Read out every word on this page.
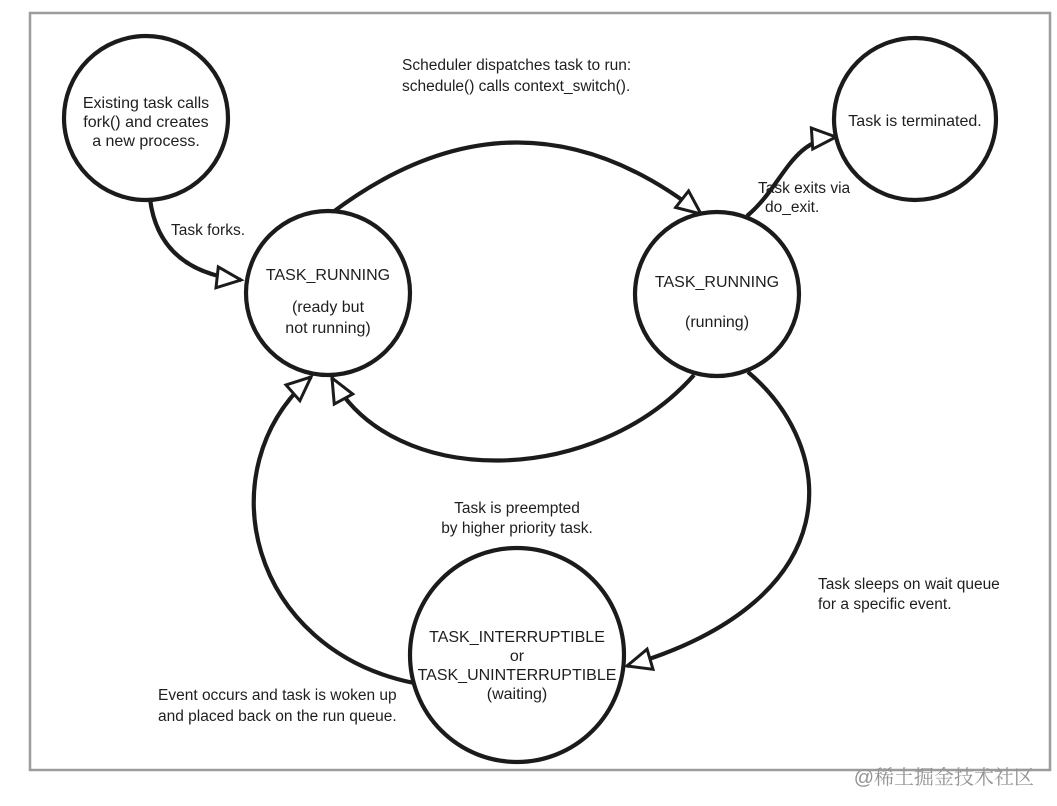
Existing task calls
fork() and creates
a new process.
TASK_RUNNING
(ready but
not running)
TASK_RUNNING
(running)
Task is terminated.
TASK_INTERRUPTIBLE
or
TASK_UNINTERRUPTIBLE
(waiting)
Task forks.
Scheduler dispatches task to run:
schedule() calls context_switch().
Task exits via
do_exit.
Task is preempted
by higher priority task.
Task sleeps on wait queue
for a specific event.
Event occurs and task is woken up
and placed back on the run queue.
@稀土掘金技术社区
